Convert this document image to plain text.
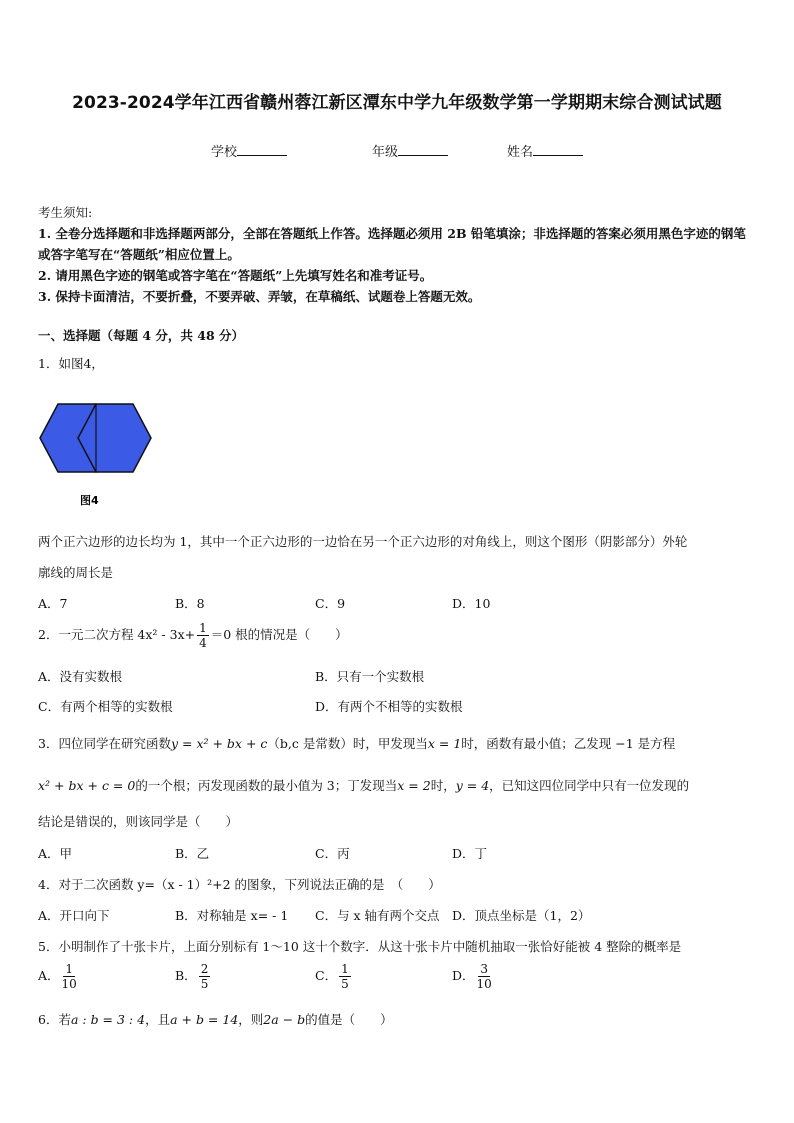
2023-2024学年江西省赣州蓉江新区潭东中学九年级数学第一学期期末综合测试试题
学校	年级	姓名

考生须知:

1. 全卷分选择题和非选择题两部分，全部在答题纸上作答。选择题必须用 2B 铅笔填涂；非选择题的答案必须用黑色字迹的钢笔或答字笔写在“答题纸”相应位置上。

2. 请用黑色字迹的钢笔或答字笔在“答题纸”上先填写姓名和准考证号。

3. 保持卡面清洁，不要折叠，不要弄破、弄皱，在草稿纸、试题卷上答题无效。

一、选择题（每题 4 分，共 48 分）
1．如图4，
图4
两个正六边形的边长均为 1，其中一个正六边形的一边恰在另一个正六边形的对角线上，则这个图形（阴影部分）外轮
廓线的周长是
A．7	B．8	C．9	D．10
2．一元二次方程 $4x^2 - 3x+ \frac{1}{4} =0$ 根的情况是（　　）
A．没有实数根	B．只有一个实数根
C．有两个相等的实数根	D．有两个不相等的实数根
3．四位同学在研究函数y = x² + bx + c（b,c 是常数）时，甲发现当x = 1时，函数有最小值；乙发现 −1 是方程
x² + bx + c = 0的一个根；丙发现函数的最小值为 3；丁发现当x = 2时，y = 4，已知这四位同学中只有一位发现的
结论是错误的，则该同学是（　　）
A．甲	B．乙	C．丙	D．丁
4．对于二次函数 y=（x - 1）²+2 的图象，下列说法正确的是　（　　）
A．开口向下	B．对称轴是 x= - 1 C．与 x 轴有两个交点 D．顶点坐标是（1，2）
5．小明制作了十张卡片，上面分别标有 1～10 这十个数字．从这十张卡片中随机抽取一张恰好能被 4 整除的概率是
A． $\frac{1}{10}$	B． $\frac{2}{5}$	C． $\frac{1}{5}$	D． $\frac{3}{10}$
6．若a : b = 3 : 4，且a + b = 14，则2a − b的值是（　　）
